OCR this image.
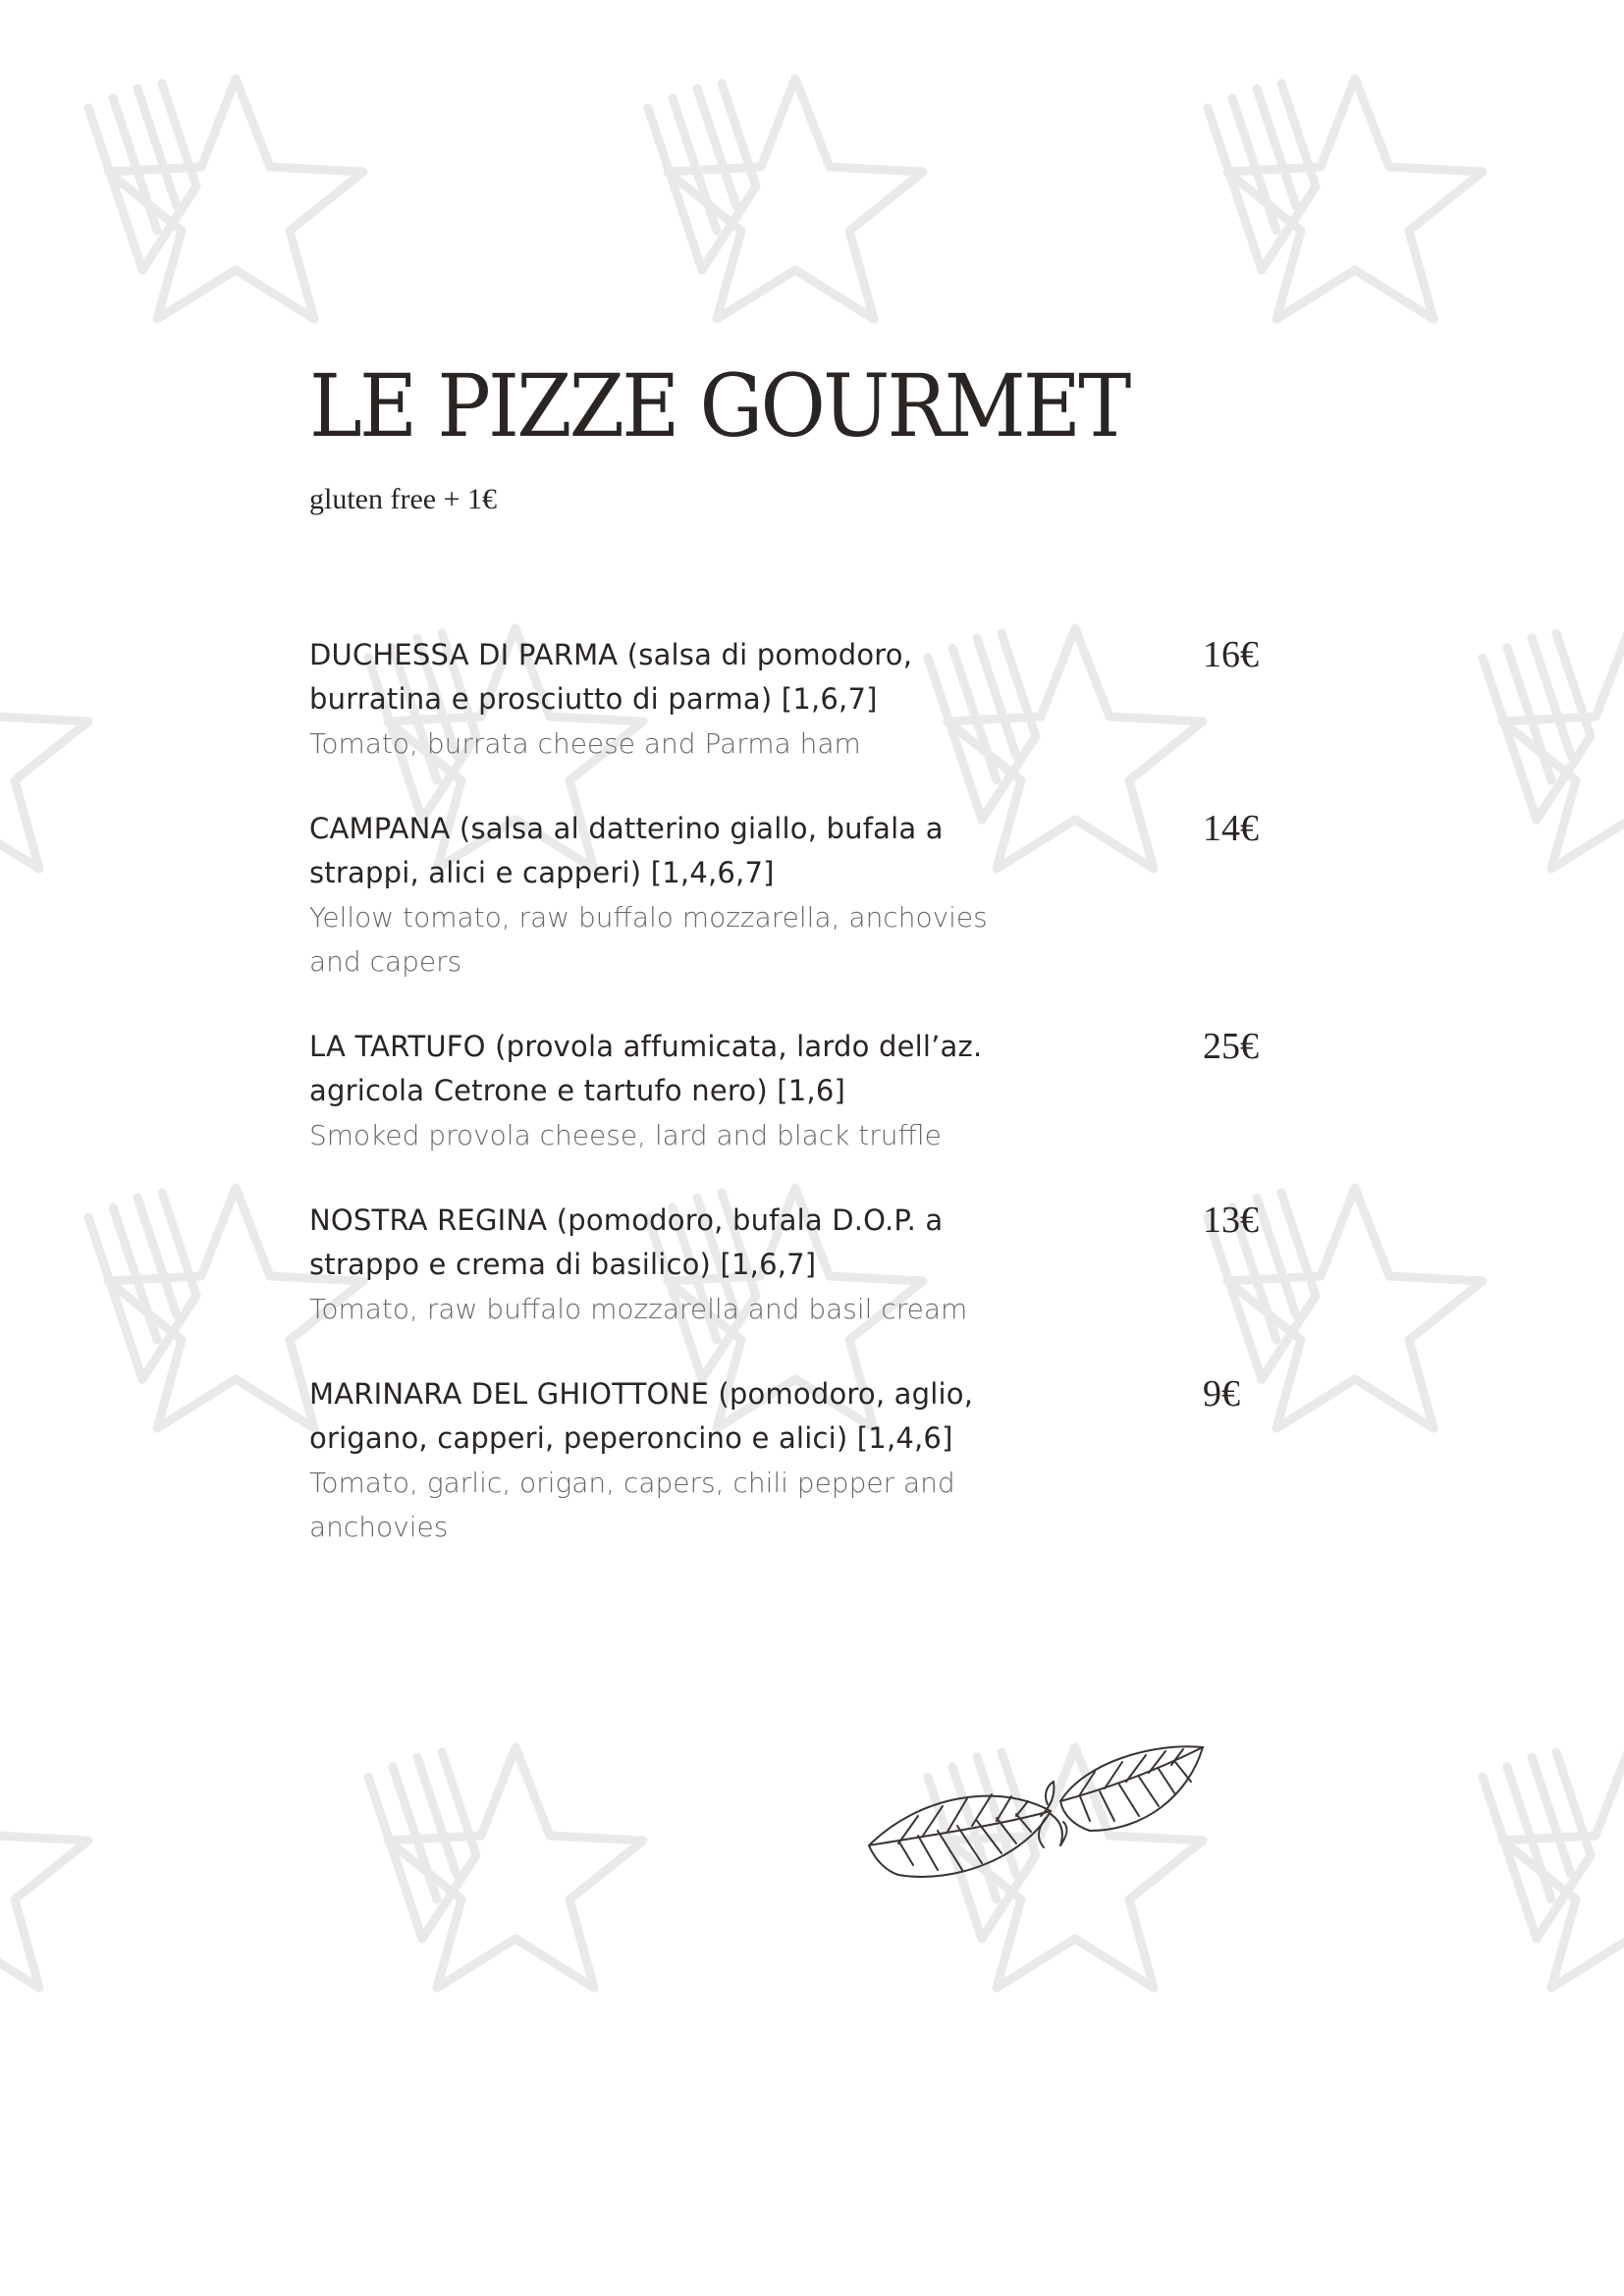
LE PIZZE GOURMET
gluten free + 1€
DUCHESSA DI PARMA (salsa di pomodoro, burratina e prosciutto di parma) [1,6,7]
Tomato, burrata cheese and Parma ham
16€
CAMPANA (salsa al datterino giallo, bufala a strappi, alici e capperi) [1,4,6,7]
Yellow tomato, raw buffalo mozzarella, anchovies and capers
14€
LA TARTUFO (provola affumicata, lardo dell’az. agricola Cetrone e tartufo nero) [1,6]
Smoked provola cheese, lard and black truffle
25€
NOSTRA REGINA (pomodoro, bufala D.O.P. a strappo e crema di basilico) [1,6,7]
Tomato, raw buffalo mozzarella and basil cream
13€
MARINARA DEL GHIOTTONE (pomodoro, aglio, origano, capperi, peperoncino e alici) [1,4,6]
Tomato, garlic, origan, capers, chili pepper and anchovies
9€
